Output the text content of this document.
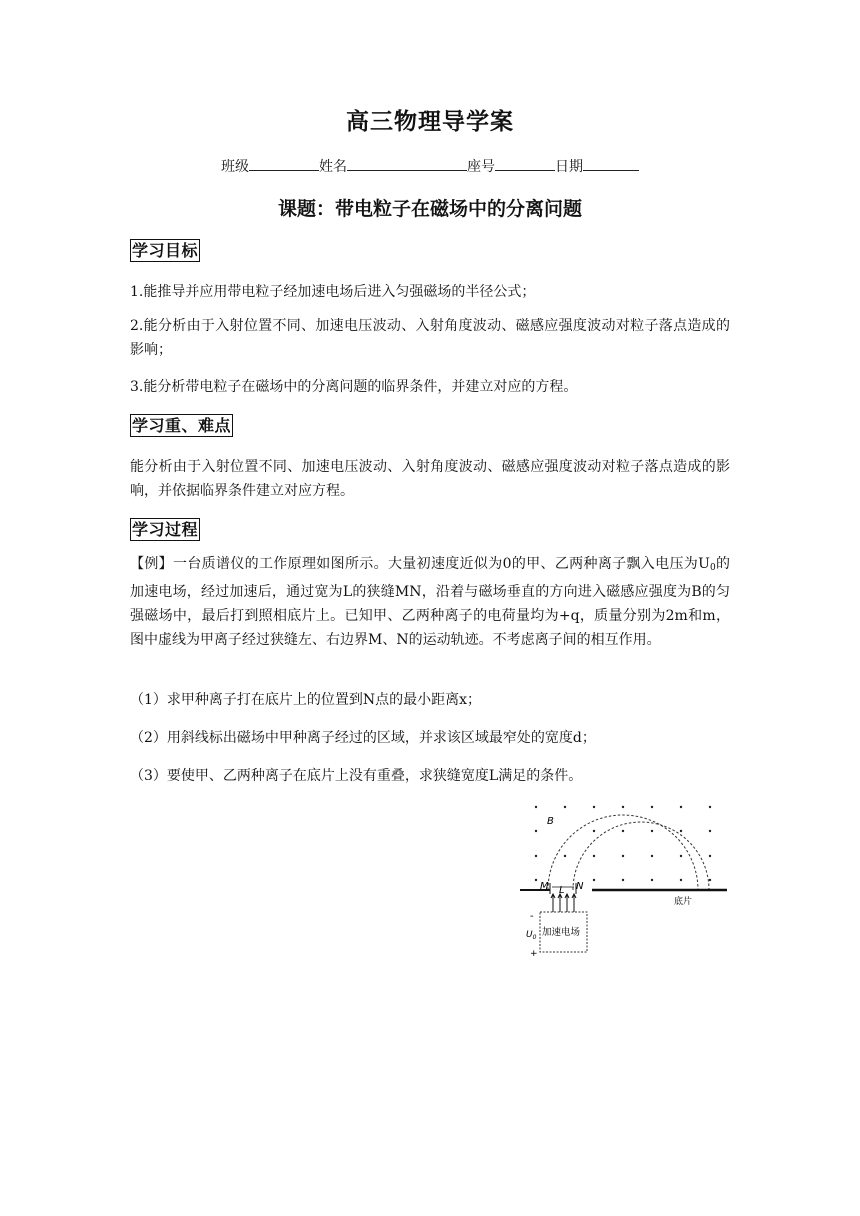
高三物理导学案
班级	姓名	座号	日期
课题：带电粒子在磁场中的分离问题
学习目标
1.能推导并应用带电粒子经加速电场后进入匀强磁场的半径公式；
2.能分析由于入射位置不同、加速电压波动、入射角度波动、磁感应强度波动对粒子落点造成的影响；
3.能分析带电粒子在磁场中的分离问题的临界条件，并建立对应的方程。
学习重、难点
能分析由于入射位置不同、加速电压波动、入射角度波动、磁感应强度波动对粒子落点造成的影响，并依据临界条件建立对应方程。
学习过程
【例】一台质谱仪的工作原理如图所示。大量初速度近似为0的甲、乙两种离子飘入电压为U0的加速电场，经过加速后，通过宽为L的狭缝MN，沿着与磁场垂直的方向进入磁感应强度为B的匀强磁场中，最后打到照相底片上。已知甲、乙两种离子的电荷量均为+q，质量分别为2m和m，图中虚线为甲离子经过狭缝左、右边界M、N的运动轨迹。不考虑离子间的相互作用。
（1）求甲种离子打在底片上的位置到N点的最小距离x；
（2）用斜线标出磁场中甲种离子经过的区域，并求该区域最窄处的宽度d；
（3）要使甲、乙两种离子在底片上没有重叠，求狭缝宽度L满足的条件。
B
M L N
底片
加速电场
$U_0$
-
+
